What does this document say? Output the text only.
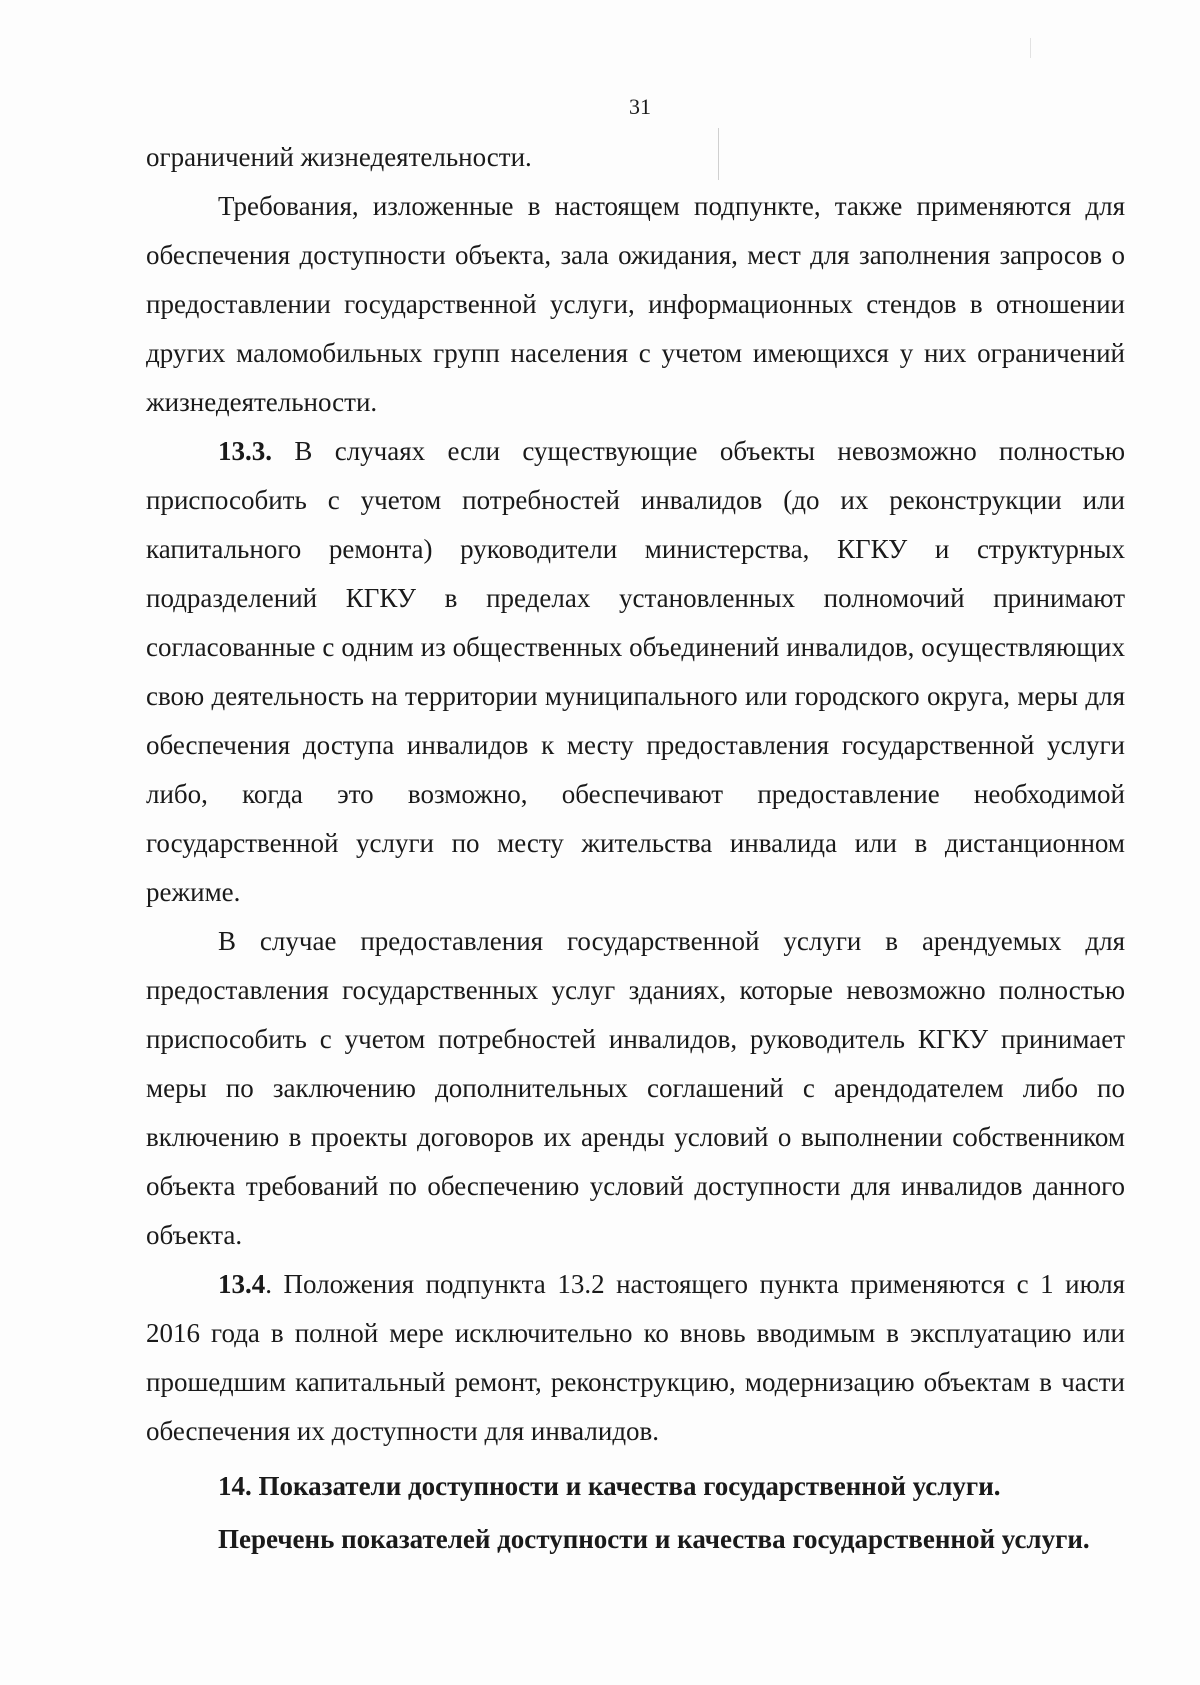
31

ограничений жизнедеятельности.

Требования, изложенные в настоящем подпункте, также применяются для обеспечения доступности объекта, зала ожидания, мест для заполнения запросов о предоставлении государственной услуги, информационных стендов в отношении других маломобильных групп населения с учетом имеющихся у них ограничений жизнедеятельности.

13.3. В случаях если существующие объекты невозможно полностью приспособить с учетом потребностей инвалидов (до их реконструкции или капитального ремонта) руководители министерства, КГКУ и структурных подразделений КГКУ в пределах установленных полномочий принимают согласованные с одним из общественных объединений инвалидов, осуществляющих свою деятельность на территории муниципального или городского округа, меры для обеспечения доступа инвалидов к месту предоставления государственной услуги либо, когда это возможно, обеспечивают предоставление необходимой государственной услуги по месту жительства инвалида или в дистанционном режиме.

В случае предоставления государственной услуги в арендуемых для предоставления государственных услуг зданиях, которые невозможно полностью приспособить с учетом потребностей инвалидов, руководитель КГКУ принимает меры по заключению дополнительных соглашений с арендодателем либо по включению в проекты договоров их аренды условий о выполнении собственником объекта требований по обеспечению условий доступности для инвалидов данного объекта.

13.4. Положения подпункта 13.2 настоящего пункта применяются с 1 июля 2016 года в полной мере исключительно ко вновь вводимым в эксплуатацию или прошедшим капитальный ремонт, реконструкцию, модернизацию объектам в части обеспечения их доступности для инвалидов.

14. Показатели доступности и качества государственной услуги.

Перечень показателей доступности и качества государственной услуги.
